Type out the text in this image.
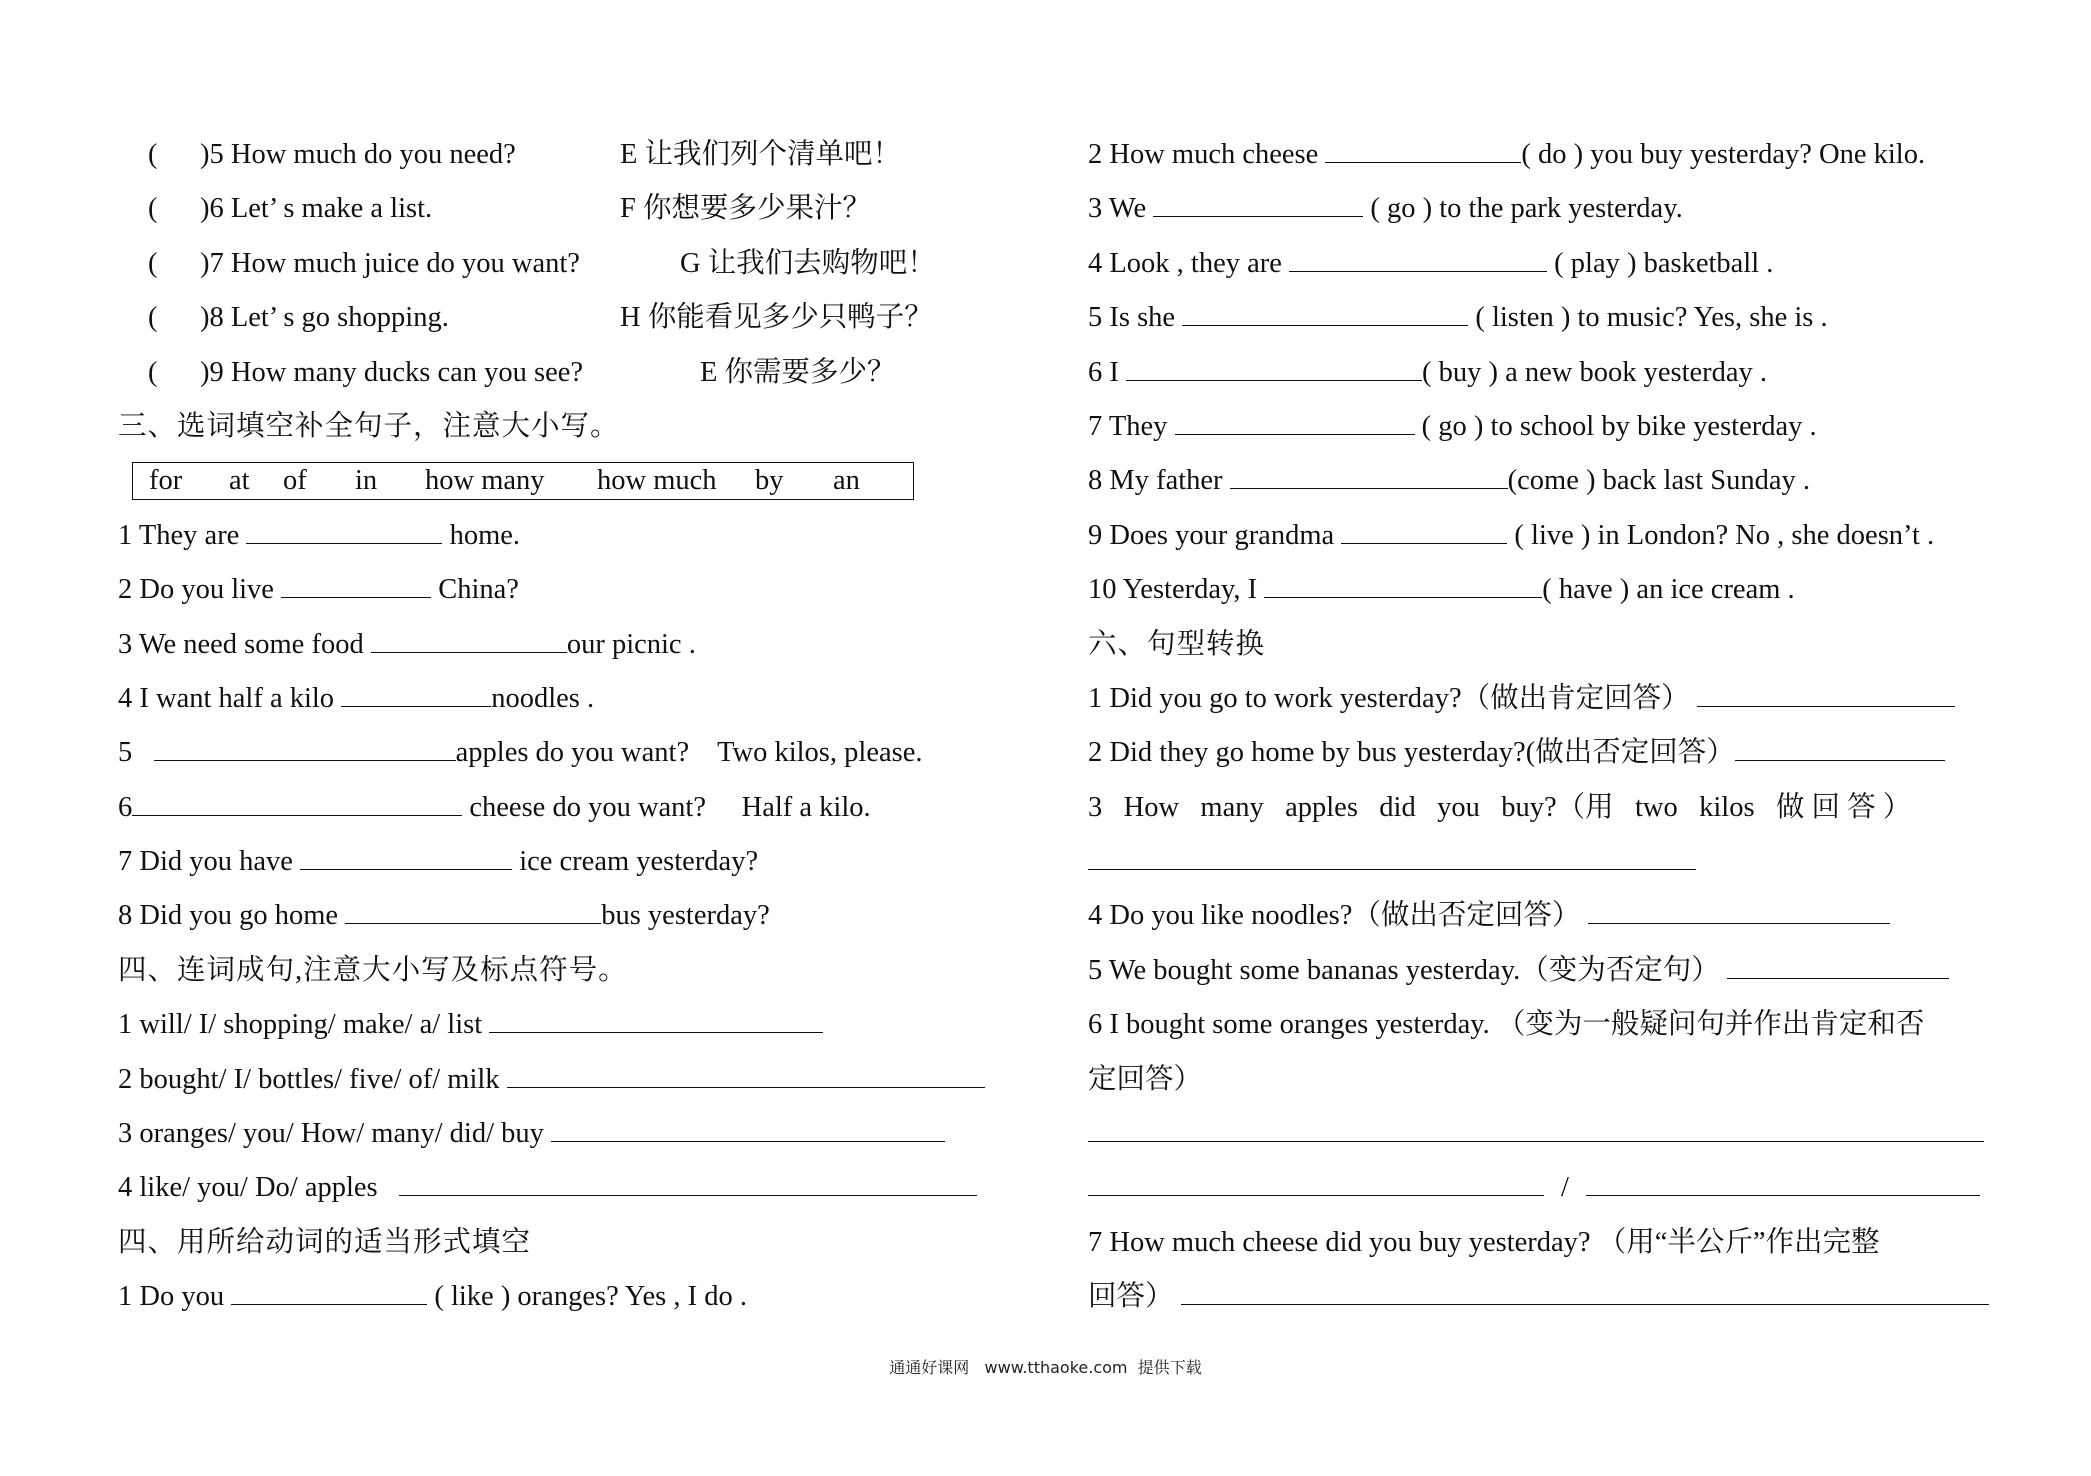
( )5 How much do you need?	E 让我们列个清单吧！
( )6 Let’ s make a list.	F 你想要多少果汁？
( )7 How much juice do you want?	G 让我们去购物吧！
( )8 Let’ s go shopping.	H 你能看见多少只鸭子？
( )9 How many ducks can you see?	E 你需要多少？
三、选词填空补全句子，注意大小写。
for at of in how many how much by an
1 They are	home.
2 Do you live	China?
3 We need some food	our picnic .
4 I want half a kilo	noodles .
5	apples do you want?    Two kilos, please.
6	cheese do you want?     Half a kilo.
7 Did you have	ice cream yesterday?
8 Did you go home	bus yesterday?
四、连词成句,注意大小写及标点符号。
1 will/ I/ shopping/ make/ a/ list
2 bought/ I/ bottles/ five/ of/ milk
3 oranges/ you/ How/ many/ did/ buy
4 like/ you/ Do/ apples
四、用所给动词的适当形式填空
1 Do you	( like ) oranges? Yes , I do .
2 How much cheese	( do ) you buy yesterday? One kilo.
3 We	( go ) to the park yesterday.
4 Look , they are	( play ) basketball .
5 Is she	( listen ) to music? Yes, she is .
6 I	( buy ) a new book yesterday .
7 They	( go ) to school by bike yesterday .
8 My father	(come ) back last Sunday .
9 Does your grandma	( live ) in London? No , she doesn’t .
10 Yesterday, I	( have ) an ice cream .
六、句型转换
1 Did you go to work yesterday?（做出肯定回答）
2 Did they go home by bus yesterday?(做出否定回答）
3   How   many   apples   did   you   buy?（用   two   kilos   做 回 答 ）
4 Do you like noodles?（做出否定回答）
5 We bought some bananas yesterday.（变为否定句）
6 I bought some oranges yesterday. （变为一般疑问句并作出肯定和否
定回答）
/
7 How much cheese did you buy yesterday? （用“半公斤”作出完整
回答）
通通好课网   www.tthaoke.com  提供下载
